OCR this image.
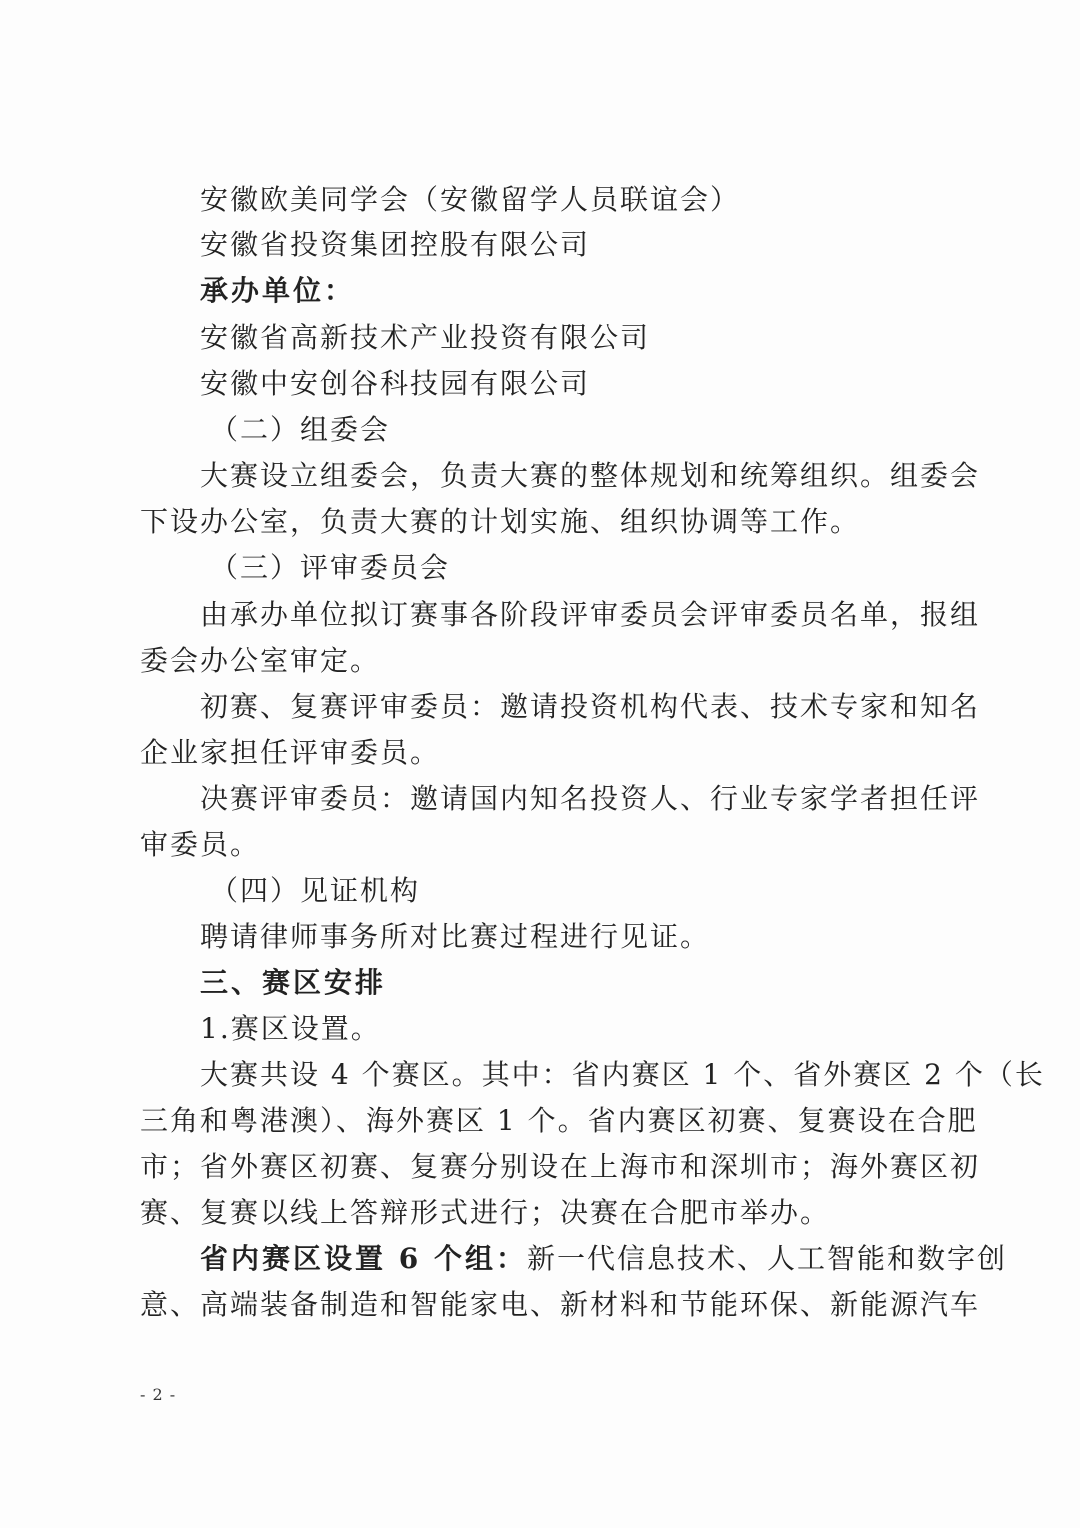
安徽欧美同学会（安徽留学人员联谊会）
安徽省投资集团控股有限公司
承办单位：
安徽省高新技术产业投资有限公司
安徽中安创谷科技园有限公司
（二）组委会
大赛设立组委会，负责大赛的整体规划和统筹组织。组委会
下设办公室，负责大赛的计划实施、组织协调等工作。
（三）评审委员会
由承办单位拟订赛事各阶段评审委员会评审委员名单，报组
委会办公室审定。
初赛、复赛评审委员：邀请投资机构代表、技术专家和知名
企业家担任评审委员。
决赛评审委员：邀请国内知名投资人、行业专家学者担任评
审委员。
（四）见证机构
聘请律师事务所对比赛过程进行见证。
三、赛区安排
1.赛区设置。
大赛共设 4 个赛区。其中：省内赛区 1 个、省外赛区 2 个（长
三角和粤港澳）、海外赛区 1 个。省内赛区初赛、复赛设在合肥
市；省外赛区初赛、复赛分别设在上海市和深圳市；海外赛区初
赛、复赛以线上答辩形式进行；决赛在合肥市举办。
省内赛区设置 6 个组：新一代信息技术、人工智能和数字创
意、高端装备制造和智能家电、新材料和节能环保、新能源汽车
- 2 -
